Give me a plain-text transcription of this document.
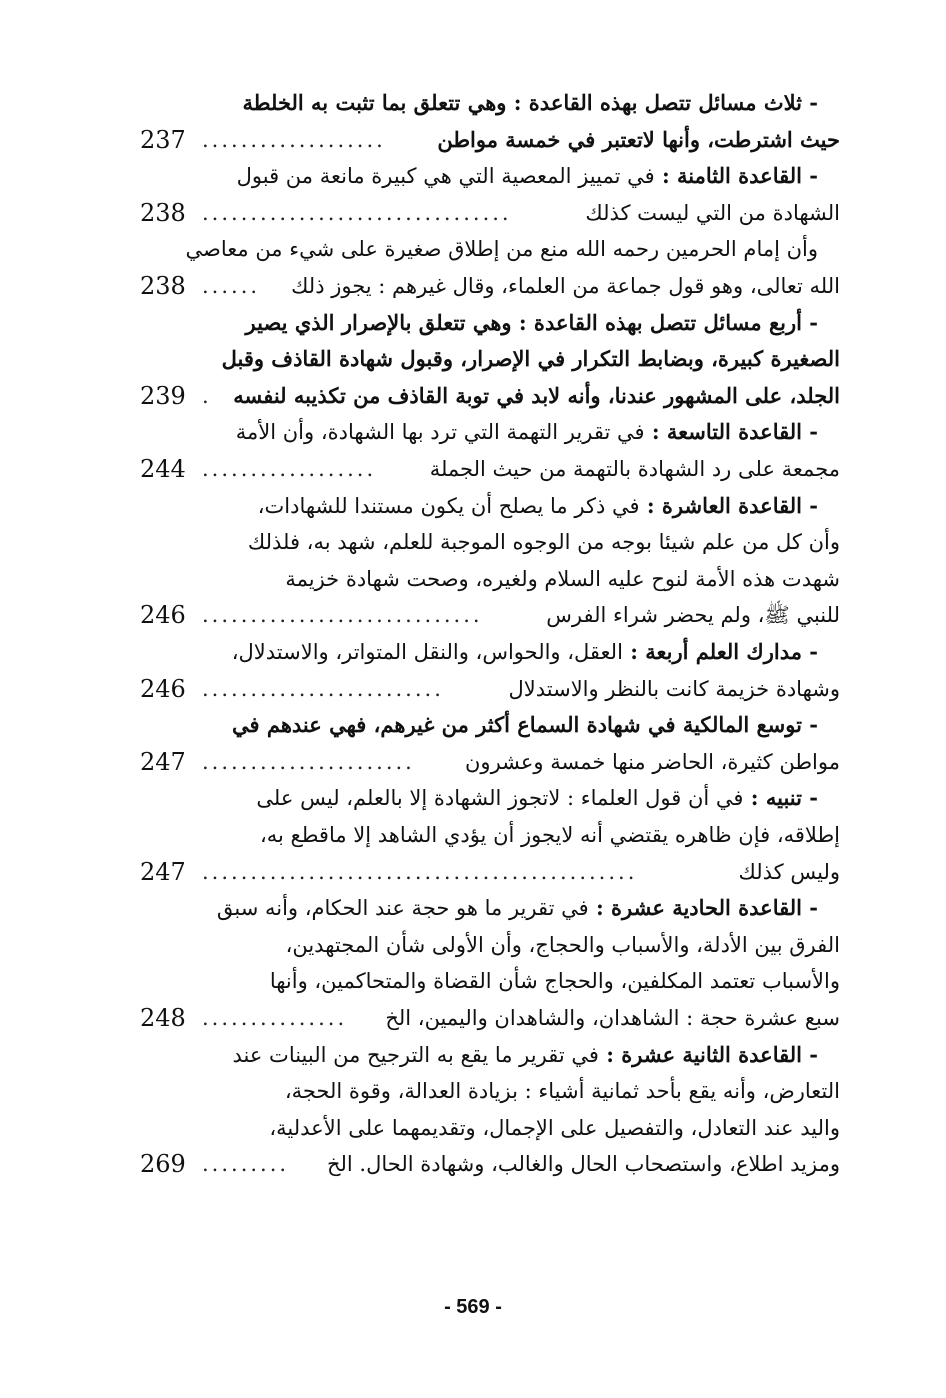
- ثلاث مسائل تتصل بهذه القاعدة : وهي تتعلق بما تثبت به الخلطة
حيث اشترطت، وأنها لاتعتبر في خمسة مواطن
237 ...................
- القاعدة الثامنة : في تمييز المعصية التي هي كبيرة مانعة من قبول
الشهادة من التي ليست كذلك
238 ................................
وأن إمام الحرمين رحمه الله منع من إطلاق صغيرة على شيء من معاصي
الله تعالى، وهو قول جماعة من العلماء، وقال غيرهم : يجوز ذلك
238 ......
- أربع مسائل تتصل بهذه القاعدة : وهي تتعلق بالإصرار الذي يصير
الصغيرة كبيرة، وبضابط التكرار في الإصرار، وقبول شهادة القاذف وقبل
الجلد، على المشهور عندنا، وأنه لابد في توبة القاذف من تكذيبه لنفسه
239 .
- القاعدة التاسعة : في تقرير التهمة التي ترد بها الشهادة، وأن الأمة
مجمعة على رد الشهادة بالتهمة من حيث الجملة
244 ..................
- القاعدة العاشرة : في ذكر ما يصلح أن يكون مستندا للشهادات،
وأن كل من علم شيئا بوجه من الوجوه الموجبة للعلم، شهد به، فلذلك
شهدت هذه الأمة لنوح عليه السلام ولغيره، وصحت شهادة خزيمة
للنبي ﷺ، ولم يحضر شراء الفرس
246 .............................
- مدارك العلم أربعة : العقل، والحواس، والنقل المتواتر، والاستدلال،
وشهادة خزيمة كانت بالنظر والاستدلال
246 .........................
- توسع المالكية في شهادة السماع أكثر من غيرهم، فهي عندهم في
مواطن كثيرة، الحاضر منها خمسة وعشرون
247 ......................
- تنبيه : في أن قول العلماء : لاتجوز الشهادة إلا بالعلم، ليس على
إطلاقه، فإن ظاهره يقتضي أنه لايجوز أن يؤدي الشاهد إلا ماقطع به،
وليس كذلك
247 .............................................
- القاعدة الحادية عشرة : في تقرير ما هو حجة عند الحكام، وأنه سبق
الفرق بين الأدلة، والأسباب والحجاج، وأن الأولى شأن المجتهدين،
والأسباب تعتمد المكلفين، والحجاج شأن القضاة والمتحاكمين، وأنها
سبع عشرة حجة : الشاهدان، والشاهدان واليمين، الخ
248 ...............
- القاعدة الثانية عشرة : في تقرير ما يقع به الترجيح من البينات عند
التعارض، وأنه يقع بأحد ثمانية أشياء : بزيادة العدالة، وقوة الحجة،
واليد عند التعادل، والتفصيل على الإجمال، وتقديمهما على الأعدلية،
ومزيد اطلاع، واستصحاب الحال والغالب، وشهادة الحال. الخ
269 .........
- 569 -
